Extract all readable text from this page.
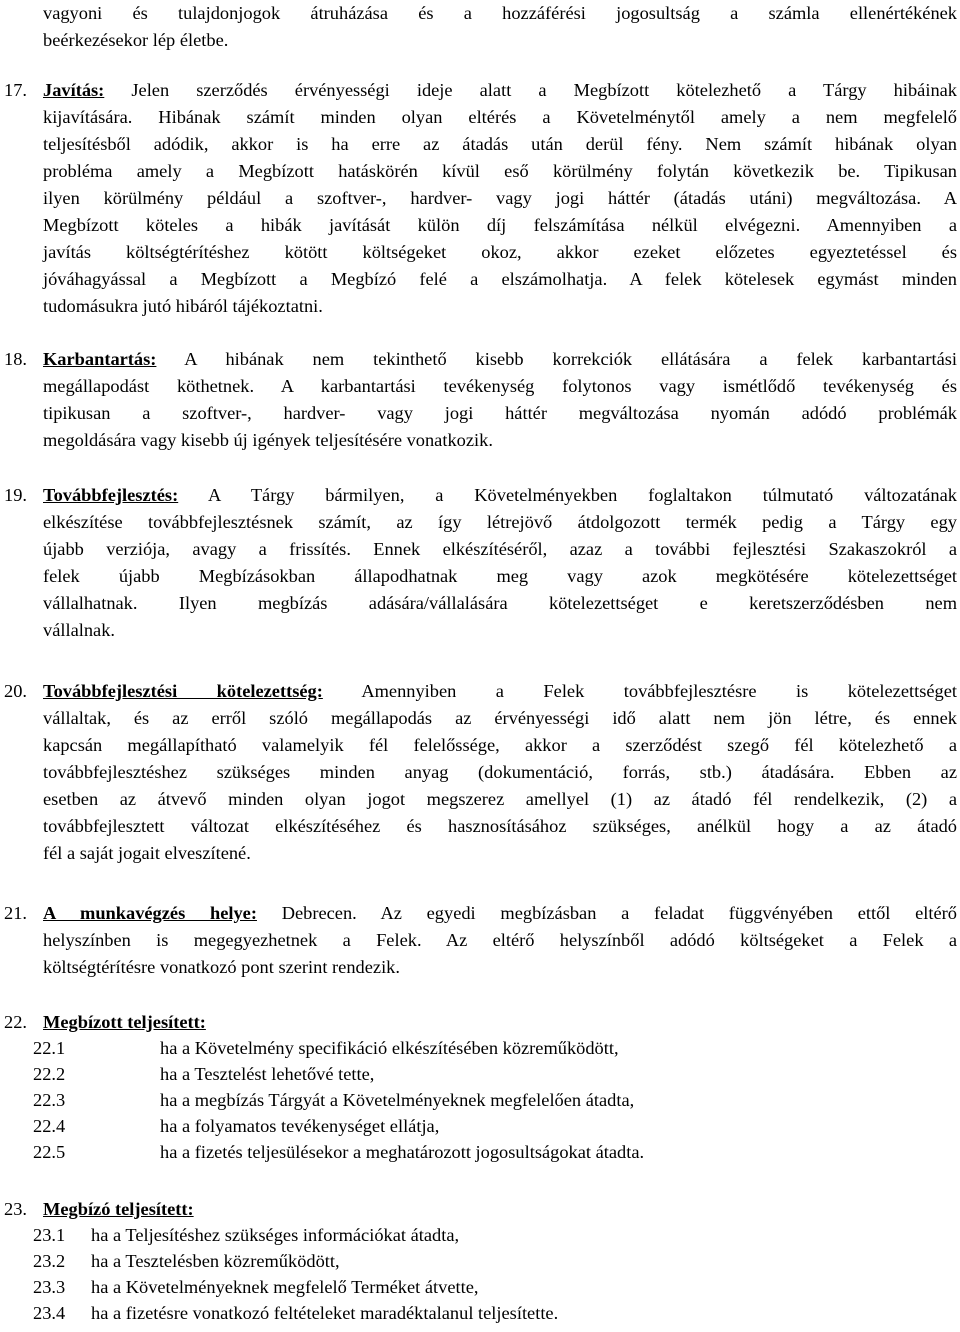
vagyoni és tulajdonjogok átruházása és a hozzáférési jogosultság a számla ellenértékének
beérkezésekor lép életbe.
17. Javítás: Jelen szerződés érvényességi ideje alatt a Megbízott kötelezhető a Tárgy hibáinak
kijavítására. Hibának számít minden olyan eltérés a Követelménytől amely a nem megfelelő
teljesítésből adódik, akkor is ha erre az átadás után derül fény. Nem számít hibának olyan
probléma amely a Megbízott hatáskörén kívül eső körülmény folytán következik be. Tipikusan
ilyen körülmény például a szoftver-, hardver- vagy jogi háttér (átadás utáni) megváltozása. A
Megbízott köteles a hibák javítását külön díj felszámítása nélkül elvégezni. Amennyiben a
javítás költségtérítéshez kötött költségeket okoz, akkor ezeket előzetes egyeztetéssel és
jóváhagyással a Megbízott a Megbízó felé a elszámolhatja. A felek kötelesek egymást minden
tudomásukra jutó hibáról tájékoztatni.
18. Karbantartás: A hibának nem tekinthető kisebb korrekciók ellátására a felek karbantartási
megállapodást köthetnek. A karbantartási tevékenység folytonos vagy ismétlődő tevékenység és
tipikusan a szoftver-, hardver- vagy jogi háttér megváltozása nyomán adódó problémák
megoldására vagy kisebb új igények teljesítésére vonatkozik.
19. Továbbfejlesztés: A Tárgy bármilyen, a Követelményekben foglaltakon túlmutató változatának
elkészítése továbbfejlesztésnek számít, az így létrejövő átdolgozott termék pedig a Tárgy egy
újabb verziója, avagy a frissítés. Ennek elkészítéséről, azaz a további fejlesztési Szakaszokról a
felek újabb Megbízásokban állapodhatnak meg vagy azok megkötésére kötelezettséget
vállalhatnak. Ilyen megbízás adására/vállalására kötelezettséget e keretszerződésben nem
vállalnak.
20. Továbbfejlesztési kötelezettség: Amennyiben a Felek továbbfejlesztésre is kötelezettséget
vállaltak, és az erről szóló megállapodás az érvényességi idő alatt nem jön létre, és ennek
kapcsán megállapítható valamelyik fél felelőssége, akkor a szerződést szegő fél kötelezhető a
továbbfejlesztéshez szükséges minden anyag (dokumentáció, forrás, stb.) átadására. Ebben az
esetben az átvevő minden olyan jogot megszerez amellyel (1) az átadó fél rendelkezik, (2) a
továbbfejlesztett változat elkészítéséhez és hasznosításához szükséges, anélkül hogy a az átadó
fél a saját jogait elveszítené.
21. A munkavégzés helye: Debrecen. Az egyedi megbízásban a feladat függvényében ettől eltérő
helyszínben is megegyezhetnek a Felek. Az eltérő helyszínből adódó költségeket a Felek a
költségtérítésre vonatkozó pont szerint rendezik.
22. Megbízott teljesített:
22.1	ha a Követelmény specifikáció elkészítésében közreműködött,
22.2	ha a Tesztelést lehetővé tette,
22.3	ha a megbízás Tárgyát a Követelményeknek megfelelően átadta,
22.4	ha a folyamatos tevékenységet ellátja,
22.5	ha a fizetés teljesülésekor a meghatározott jogosultságokat átadta.
23. Megbízó teljesített:
23.1 ha a Teljesítéshez szükséges információkat átadta,
23.2 ha a Tesztelésben közreműködött,
23.3 ha a Követelményeknek megfelelő Terméket átvette,
23.4 ha a fizetésre vonatkozó feltételeket maradéktalanul teljesítette.
